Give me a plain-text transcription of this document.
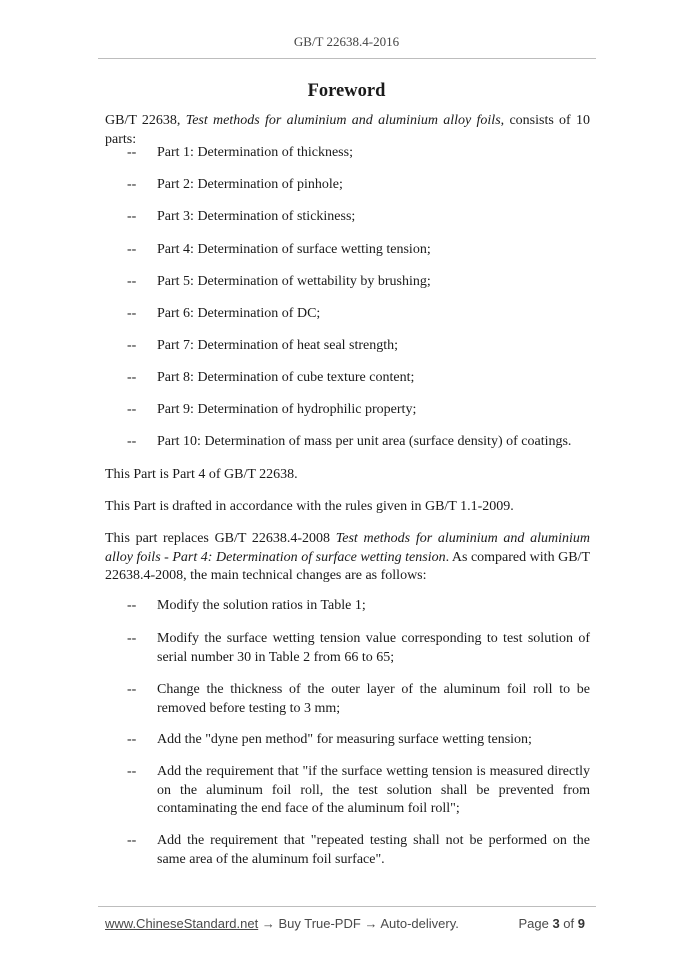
GB/T 22638.4-2016
Foreword

GB/T 22638, Test methods for aluminium and aluminium alloy foils, consists of 10 parts:

-- Part 1: Determination of thickness;
-- Part 2: Determination of pinhole;
-- Part 3: Determination of stickiness;
-- Part 4: Determination of surface wetting tension;
-- Part 5: Determination of wettability by brushing;
-- Part 6: Determination of DC;
-- Part 7: Determination of heat seal strength;
-- Part 8: Determination of cube texture content;
-- Part 9: Determination of hydrophilic property;
-- Part 10: Determination of mass per unit area (surface density) of coatings.

This Part is Part 4 of GB/T 22638.

This Part is drafted in accordance with the rules given in GB/T 1.1-2009.

This part replaces GB/T 22638.4-2008 Test methods for aluminium and aluminium alloy foils - Part 4: Determination of surface wetting tension. As compared with GB/T 22638.4-2008, the main technical changes are as follows:

-- Modify the solution ratios in Table 1;
-- Modify the surface wetting tension value corresponding to test solution of serial number 30 in Table 2 from 66 to 65;
-- Change the thickness of the outer layer of the aluminum foil roll to be removed before testing to 3 mm;
-- Add the "dyne pen method" for measuring surface wetting tension;
-- Add the requirement that "if the surface wetting tension is measured directly on the aluminum foil roll, the test solution shall be prevented from contaminating the end face of the aluminum foil roll";
-- Add the requirement that "repeated testing shall not be performed on the same area of the aluminum foil surface".
www.ChineseStandard.net → Buy True-PDF → Auto-delivery.	Page 3 of 9
